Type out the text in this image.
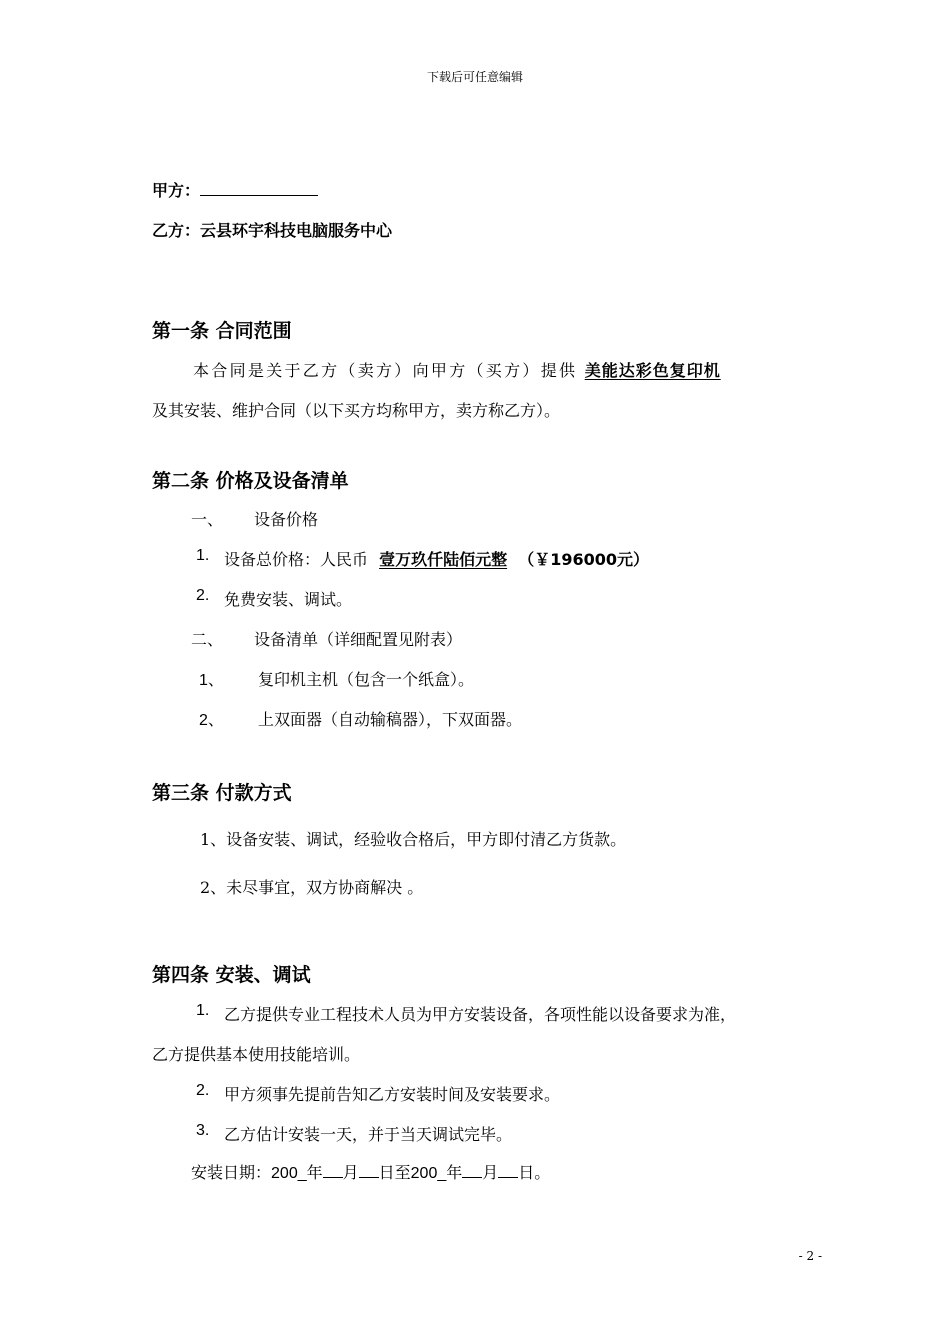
下载后可任意编辑
甲方：
乙方：云县环宇科技电脑服务中心
第一条 合同范围
本合同是关于乙方（卖方）向甲方（买方）提供 美能达彩色复印机
及其安装、维护合同（以下买方均称甲方，卖方称乙方）。
第二条 价格及设备清单
一、 设备价格
1. 设备总价格：人民币 壹万玖仟陆佰元整 （￥196000元）
2. 免费安装、调试。
二、 设备清单（详细配置见附表）
1、 复印机主机（包含一个纸盒）。
2、 上双面器（自动输稿器），下双面器。
第三条 付款方式
1、设备安装、调试，经验收合格后，甲方即付清乙方货款。
2、未尽事宜，双方协商解决 。
第四条 安装、调试
1. 乙方提供专业工程技术人员为甲方安装设备，各项性能以设备要求为准，
乙方提供基本使用技能培训。
2. 甲方须事先提前告知乙方安装时间及安装要求。
3. 乙方估计安装一天，并于当天调试完毕。
安装日期：200_年 月 日至200_年 月 日。
- 2 -
